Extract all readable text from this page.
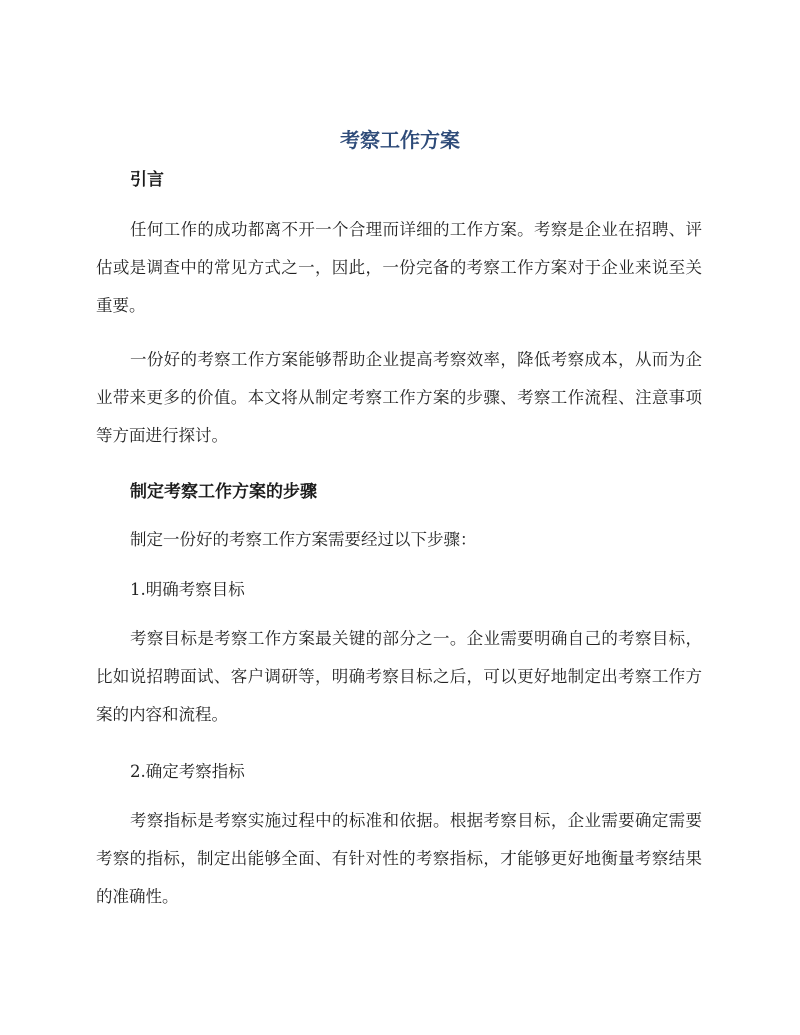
考察工作方案
引言

任何工作的成功都离不开一个合理而详细的工作方案。考察是企业在招聘、评估或是调查中的常见方式之一，因此，一份完备的考察工作方案对于企业来说至关重要。

一份好的考察工作方案能够帮助企业提高考察效率，降低考察成本，从而为企业带来更多的价值。本文将从制定考察工作方案的步骤、考察工作流程、注意事项等方面进行探讨。

制定考察工作方案的步骤

制定一份好的考察工作方案需要经过以下步骤：

1.明确考察目标

考察目标是考察工作方案最关键的部分之一。企业需要明确自己的考察目标，比如说招聘面试、客户调研等，明确考察目标之后，可以更好地制定出考察工作方案的内容和流程。

2.确定考察指标

考察指标是考察实施过程中的标准和依据。根据考察目标，企业需要确定需要考察的指标，制定出能够全面、有针对性的考察指标，才能够更好地衡量考察结果的准确性。
